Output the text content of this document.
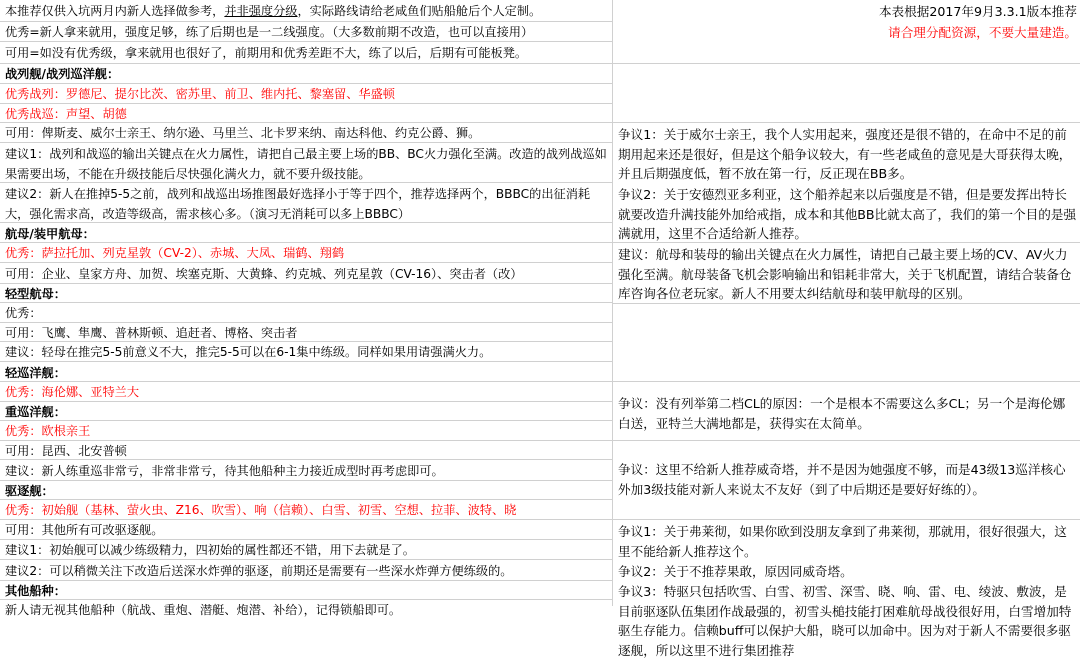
本推荐仅供入坑两月内新人选择做参考，并非强度分级，实际路线请给老咸鱼们贴船舱后个人定制。
优秀=新人拿来就用，强度足够，练了后期也是一二线强度。（大多数前期不改造，也可以直接用）
可用=如没有优秀级，拿来就用也很好了，前期用和优秀差距不大，练了以后，后期有可能板凳。
战列舰/战列巡洋舰：
优秀战列：罗德尼、提尔比茨、密苏里、前卫、维内托、黎塞留、华盛顿
优秀战巡：声望、胡德
可用：俾斯麦、威尔士亲王、纳尔逊、马里兰、北卡罗来纳、南达科他、约克公爵、狮。
建议1：战列和战巡的输出关键点在火力属性，请把自己最主要上场的BB、BC火力强化至满。改造的战列战巡如果需要出场，不能在升级技能后尽快强化满火力，就不要升级技能。
建议2：新人在推掉5-5之前，战列和战巡出场推图最好选择小于等于四个，推荐选择两个，BBBC的出征消耗大，强化需求高，改造等级高，需求核心多。（演习无消耗可以多上BBBC）
航母/装甲航母：
优秀：萨拉托加、列克星敦（CV-2）、赤城、大凤、瑞鹤、翔鹤
可用：企业、皇家方舟、加贺、埃塞克斯、大黄蜂、约克城、列克星敦（CV-16）、突击者（改）
轻型航母：
优秀：
可用：飞鹰、隼鹰、普林斯顿、追赶者、博格、突击者
建议：轻母在推完5-5前意义不大，推完5-5可以在6-1集中练级。同样如果用请强满火力。
轻巡洋舰：
优秀：海伦娜、亚特兰大
重巡洋舰：
优秀：欧根亲王
可用：昆西、北安普顿
建议：新人练重巡非常亏，非常非常亏，待其他船种主力接近成型时再考虑即可。
驱逐舰：
优秀：初始舰（基林、萤火虫、Z16、吹雪）、响（信赖）、白雪、初雪、空想、拉菲、波特、晓
可用：其他所有可改驱逐舰。
建议1：初始舰可以减少练级精力，四初始的属性都还不错，用下去就是了。
建议2：可以稍微关注下改造后送深水炸弹的驱逐，前期还是需要有一些深水炸弹方便练级的。
其他船种：
新人请无视其他船种（航战、重炮、潜艇、炮潜、补给），记得锁船即可。
本表根据2017年9月3.3.1版本推荐
请合理分配资源，不要大量建造。
争议1：关于威尔士亲王，我个人实用起来，强度还是很不错的，在命中不足的前期用起来还是很好，但是这个船争议较大，有一些老咸鱼的意见是大哥获得太晚，并且后期强度低，暂不放在第一行，反正现在BB多。
争议2：关于安德烈亚多利亚，这个船养起来以后强度是不错，但是要发挥出特长就要改造升满技能外加给戒指，成本和其他BB比就太高了，我们的第一个目的是强满就用，这里不合适给新人推荐。
建议：航母和装母的输出关键点在火力属性，请把自己最主要上场的CV、AV火力强化至满。航母装备飞机会影响输出和铝耗非常大，关于飞机配置，请结合装备仓库咨询各位老玩家。新人不用要太纠结航母和装甲航母的区别。
争议：没有列举第二档CL的原因：一个是根本不需要这么多CL；另一个是海伦娜白送，亚特兰大满地都是，获得实在太简单。
争议：这里不给新人推荐威奇塔，并不是因为她强度不够，而是43级13巡洋核心外加3级技能对新人来说太不友好（到了中后期还是要好好练的）。
争议1：关于弗莱彻，如果你欧到没朋友拿到了弗莱彻，那就用，很好很强大，这里不能给新人推荐这个。
争议2：关于不推荐果敢，原因同威奇塔。
争议3：特驱只包括吹雪、白雪、初雪、深雪、晓、响、雷、电、绫波、敷波，是目前驱逐队伍集团作战最强的，初雪头槌技能打困难航母战役很好用，白雪增加特驱生存能力。信赖buff可以保护大船，晓可以加命中。因为对于新人不需要很多驱逐舰，所以这里不进行集团推荐
